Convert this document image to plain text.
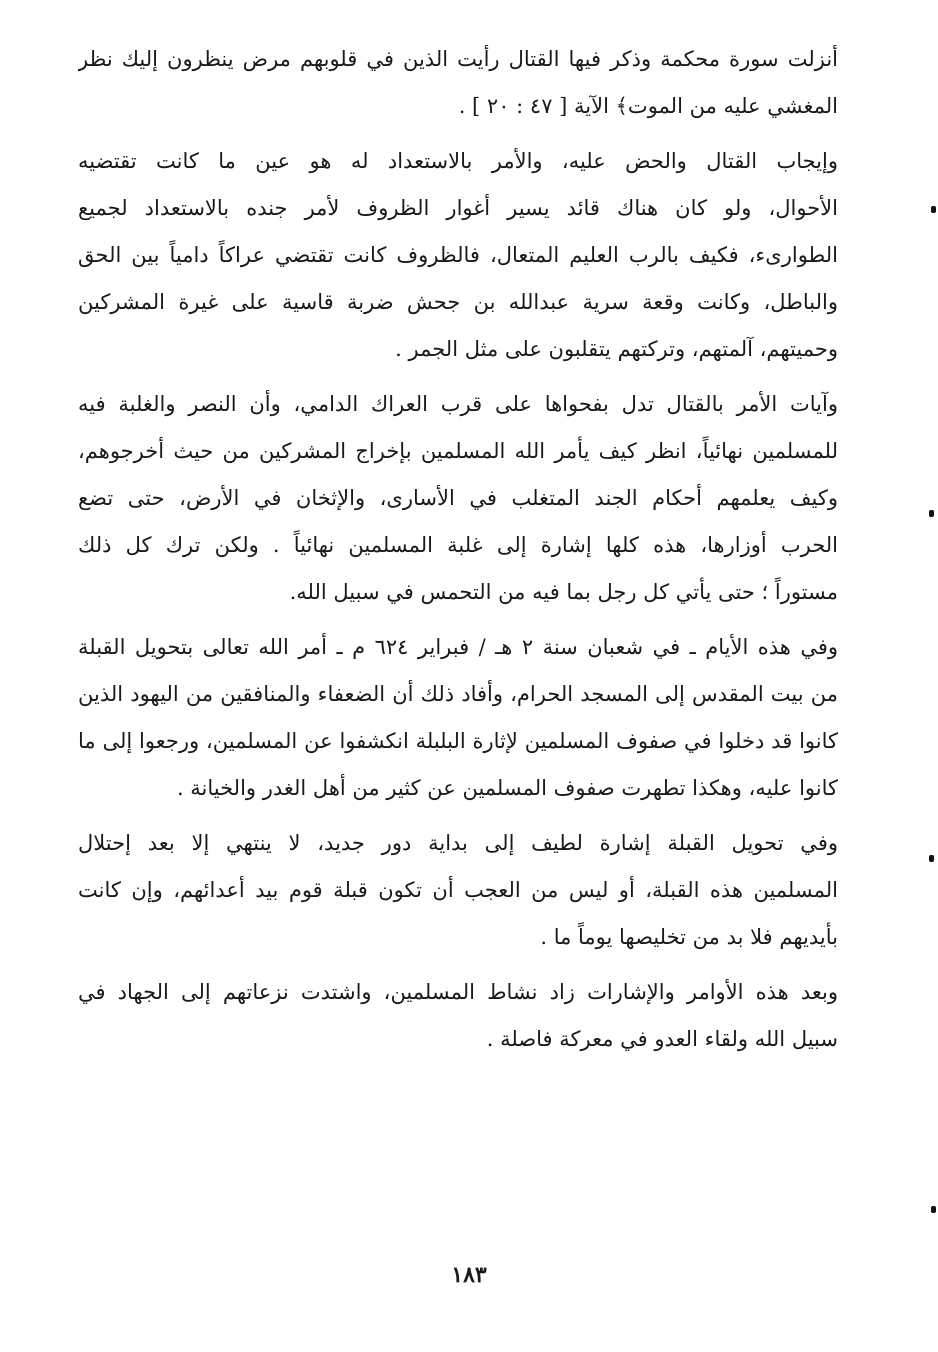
أنزلت سورة محكمة وذكر فيها القتال رأيت الذين في قلوبهم مرض ينظرون إليك نظر
المغشي عليه من الموت﴾ الآية [ ٤٧ : ٢٠ ] .
وإيجاب القتال والحض عليه، والأمر بالاستعداد له هو عين ما كانت تقتضيه
الأحوال، ولو كان هناك قائد يسير أغوار الظروف لأمر جنده بالاستعداد لجميع
الطوارىء، فكيف بالرب العليم المتعال، فالظروف كانت تقتضي عراكاً دامياً بين الحق
والباطل، وكانت وقعة سرية عبدالله بن جحش ضربة قاسية على غيرة المشركين
وحميتهم، آلمتهم، وتركتهم يتقلبون على مثل الجمر .
وآيات الأمر بالقتال تدل بفحواها على قرب العراك الدامي، وأن النصر والغلبة فيه
للمسلمين نهائياً، انظر كيف يأمر الله المسلمين بإخراج المشركين من حيث أخرجوهم،
وكيف يعلمهم أحكام الجند المتغلب في الأسارى، والإثخان في الأرض، حتى تضع
الحرب أوزارها، هذه كلها إشارة إلى غلبة المسلمين نهائياً . ولكن ترك كل ذلك
مستوراً ؛ حتى يأتي كل رجل بما فيه من التحمس في سبيل الله.
وفي هذه الأيام ـ في شعبان سنة ٢ هـ / فبراير ٦٢٤ م ـ أمر الله تعالى بتحويل القبلة
من بيت المقدس إلى المسجد الحرام، وأفاد ذلك أن الضعفاء والمنافقين من اليهود الذين
كانوا قد دخلوا في صفوف المسلمين لإثارة البلبلة انكشفوا عن المسلمين، ورجعوا إلى ما
كانوا عليه، وهكذا تطهرت صفوف المسلمين عن كثير من أهل الغدر والخيانة .
وفي تحويل القبلة إشارة لطيف إلى بداية دور جديد، لا ينتهي إلا بعد إحتلال
المسلمين هذه القبلة، أو ليس من العجب أن تكون قبلة قوم بيد أعدائهم، وإن كانت
بأيديهم فلا بد من تخليصها يوماً ما .
وبعد هذه الأوامر والإشارات زاد نشاط المسلمين، واشتدت نزعاتهم إلى الجهاد في
سبيل الله ولقاء العدو في معركة فاصلة .
١٨٣
